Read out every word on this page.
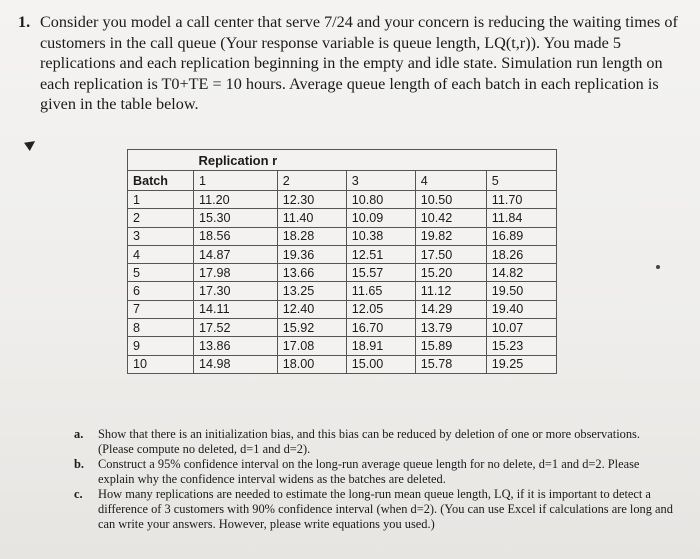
1. Consider you model a call center that serve 7/24 and your concern is reducing the waiting times of customers in the call queue (Your response variable is queue length, LQ(t,r)). You made 5 replications and each replication beginning in the empty and idle state. Simulation run length on each replication is T0+TE = 10 hours. Average queue length of each batch in each replication is given in the table below.
	Replication r				
Batch	1	2	3	4	5
1	11.20	12.30	10.80	10.50	11.70
2	15.30	11.40	10.09	10.42	11.84
3	18.56	18.28	10.38	19.82	16.89
4	14.87	19.36	12.51	17.50	18.26
5	17.98	13.66	15.57	15.20	14.82
6	17.30	13.25	11.65	11.12	19.50
7	14.11	12.40	12.05	14.29	19.40
8	17.52	15.92	16.70	13.79	10.07
9	13.86	17.08	18.91	15.89	15.23
10	14.98	18.00	15.00	15.78	19.25
a. Show that there is an initialization bias, and this bias can be reduced by deletion of one or more observations. (Please compute no deleted, d=1 and d=2).
b. Construct a 95% confidence interval on the long-run average queue length for no delete, d=1 and d=2. Please explain why the confidence interval widens as the batches are deleted.
c. How many replications are needed to estimate the long-run mean queue length, LQ, if it is important to detect a difference of 3 customers with 90% confidence interval (when d=2). (You can use Excel if calculations are long and can write your answers. However, please write equations you used.)
